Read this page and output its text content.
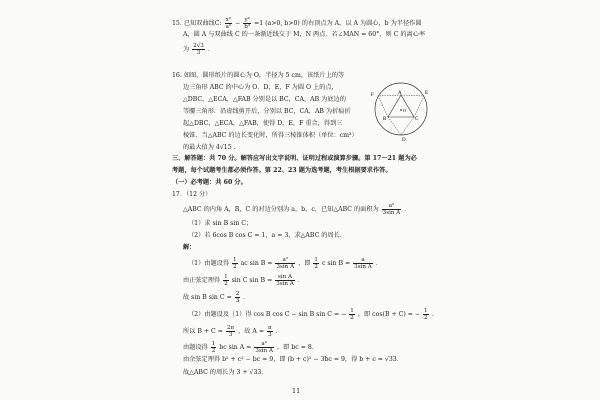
15. 已知双曲线C: $\frac{\text{x²}}{\text{a²}} - \frac{\text{y²}}{\text{b²}} =1$ (a>0, b>0) 的右顶点为 A，以 A 为圆心，b 为半径作圆
A，圆 A 与双曲线 C 的一条渐近线交于 M，N 两点．若∠MAN = 60°，则 C 的离心率
为 $\frac{2√3}{3}$ ．
16. 如图，圆形纸片的圆心为 O，半径为 5 cm，该纸片上的等
边三角形 ABC 的中心为 O．D，E，F 为圆 O 上的点，
△DBC，△ECA，△FAB 分别是以 BC，CA，AB 为底边的
等腰三角形．沿虚线剪开后，分别以 BC，CA，AB 为折痕折
起△DBC，△ECA，△FAB，使得 D，E，F 重合，得到三
棱锥．当△ABC 的边长变化时，所得三棱锥体积（单位：cm³）
的最大值为 4√15 .
A
B	C
D
E
F
O
三、解答题：共 70 分。解答应写出文字说明、证明过程或演算步骤。第 17～21 题为必
考题，每个试题考生都必须作答。第 22、23 题为选考题，考生根据要求作答。
（一）必考题：共 60 分。
17．（12 分）
△ABC 的内角 A，B，C 的对边分别为 a，b，c，已知△ABC 的面积为 $\frac{\text{a²}}{\text{3sin A}}$ ．
（1）求 sin B sin C；
（2）若 6cos B cos C = 1，a = 3，求△ABC 的周长．
解：
（1）由题设得 $\frac{1}{2}$ ac $\sin B = \frac{\text{a²}}{\text{3sin A}}$ ，即 $\frac{1}{2}$ c $\sin B = \frac{a}{\text{3sin A}}$ ．
由正弦定理得 $\frac{1}{2}$ sin C $\sin B = \frac{\text{sin A}}{\text{3sin A}}$ ．
故 sin B $\sin C = \frac{2}{3}$ ．
（2）由题设及（1）得 cos B cos C − sin B sin C = − $\frac{1}{2}$ ，即 cos(B + C) = − $\frac{1}{2}$ ．
所以 $B + C = \frac{2\pi}{3}$ ，故 $A = \frac{\pi}{3}$ ．
由题设得 $\frac{1}{2}$ bc $\sin A = \frac{\text{a²}}{\text{3sin A}}$ ，即 bc = 8．
由余弦定理得 b² + c² − bc = 9，即 (b + c)² − 3bc = 9，得 b + c = √33．
故△ABC 的周长为 3 + √33．
11
